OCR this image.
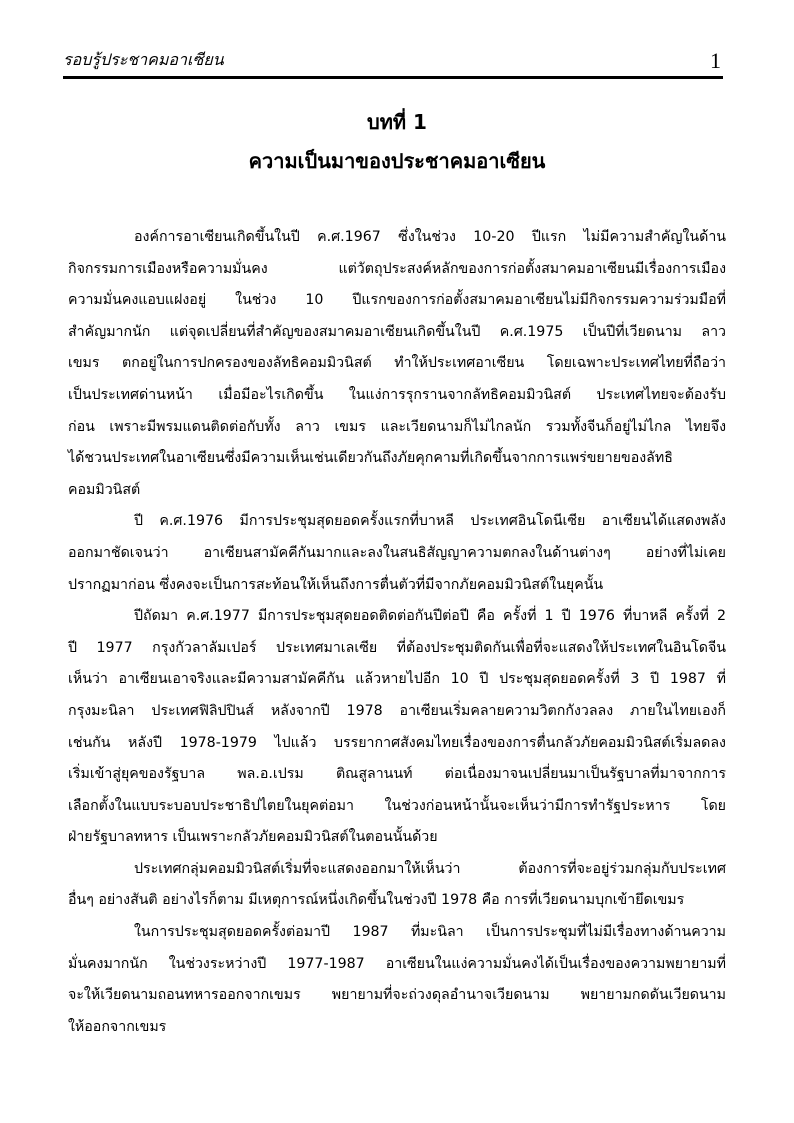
รอบรู้ประชาคมอาเซียน	1
บทที่ 1
ความเป็นมาของประชาคมอาเซียน
องค์การอาเซียนเกิดขึ้นในปี ค.ศ.1967 ซึ่งในช่วง 10-20 ปีแรก ไม่มีความสำคัญในด้าน
กิจกรรมการเมืองหรือความมั่นคง แต่วัตถุประสงค์หลักของการก่อตั้งสมาคมอาเซียนมีเรื่องการเมือง
ความมั่นคงแอบแฝงอยู่ ในช่วง 10 ปีแรกของการก่อตั้งสมาคมอาเซียนไม่มีกิจกรรมความร่วมมือที่
สำคัญมากนัก แต่จุดเปลี่ยนที่สำคัญของสมาคมอาเซียนเกิดขึ้นในปี ค.ศ.1975 เป็นปีที่เวียดนาม ลาว
เขมร ตกอยู่ในการปกครองของลัทธิคอมมิวนิสต์ ทำให้ประเทศอาเซียน โดยเฉพาะประเทศไทยที่ถือว่า
เป็นประเทศด่านหน้า เมื่อมีอะไรเกิดขึ้น ในแง่การรุกรานจากลัทธิคอมมิวนิสต์ ประเทศไทยจะต้องรับ
ก่อน เพราะมีพรมแดนติดต่อกับทั้ง ลาว เขมร และเวียดนามก็ไม่ไกลนัก รวมทั้งจีนก็อยู่ไม่ไกล ไทยจึง
ได้ชวนประเทศในอาเซียนซึ่งมีความเห็นเช่นเดียวกันถึงภัยคุกคามที่เกิดขึ้นจากการแพร่ขยายของลัทธิ
คอมมิวนิสต์
ปี ค.ศ.1976 มีการประชุมสุดยอดครั้งแรกที่บาหลี ประเทศอินโดนีเซีย อาเซียนได้แสดงพลัง
ออกมาชัดเจนว่า อาเซียนสามัคคีกันมากและลงในสนธิสัญญาความตกลงในด้านต่างๆ อย่างที่ไม่เคย
ปรากฏมาก่อน ซึ่งคงจะเป็นการสะท้อนให้เห็นถึงการตื่นตัวที่มีจากภัยคอมมิวนิสต์ในยุคนั้น
ปีถัดมา ค.ศ.1977 มีการประชุมสุดยอดติดต่อกันปีต่อปี คือ ครั้งที่ 1 ปี 1976 ที่บาหลี ครั้งที่ 2
ปี 1977 กรุงกัวลาลัมเปอร์ ประเทศมาเลเซีย ที่ต้องประชุมติดกันเพื่อที่จะแสดงให้ประเทศในอินโดจีน
เห็นว่า อาเซียนเอาจริงและมีความสามัคคีกัน แล้วหายไปอีก 10 ปี ประชุมสุดยอดครั้งที่ 3 ปี 1987 ที่
กรุงมะนิลา ประเทศฟิลิปปินส์ หลังจากปี 1978 อาเซียนเริ่มคลายความวิตกกังวลลง ภายในไทยเองก็
เช่นกัน หลังปี 1978-1979 ไปแล้ว บรรยากาศสังคมไทยเรื่องของการตื่นกลัวภัยคอมมิวนิสต์เริ่มลดลง
เริ่มเข้าสู่ยุคของรัฐบาล พล.อ.เปรม ติณสูลานนท์ ต่อเนื่องมาจนเปลี่ยนมาเป็นรัฐบาลที่มาจากการ
เลือกตั้งในแบบระบอบประชาธิปไตยในยุคต่อมา ในช่วงก่อนหน้านั้นจะเห็นว่ามีการทำรัฐประหาร โดย
ฝ่ายรัฐบาลทหาร เป็นเพราะกลัวภัยคอมมิวนิสต์ในตอนนั้นด้วย
ประเทศกลุ่มคอมมิวนิสต์เริ่มที่จะแสดงออกมาให้เห็นว่า ต้องการที่จะอยู่ร่วมกลุ่มกับประเทศ
อื่นๆ อย่างสันติ อย่างไรก็ตาม มีเหตุการณ์หนึ่งเกิดขึ้นในช่วงปี 1978 คือ การที่เวียดนามบุกเข้ายึดเขมร
ในการประชุมสุดยอดครั้งต่อมาปี 1987 ที่มะนิลา เป็นการประชุมที่ไม่มีเรื่องทางด้านความ
มั่นคงมากนัก ในช่วงระหว่างปี 1977-1987 อาเซียนในแง่ความมั่นคงได้เป็นเรื่องของความพยายามที่
จะให้เวียดนามถอนทหารออกจากเขมร พยายามที่จะถ่วงดุลอำนาจเวียดนาม พยายามกดดันเวียดนาม
ให้ออกจากเขมร
